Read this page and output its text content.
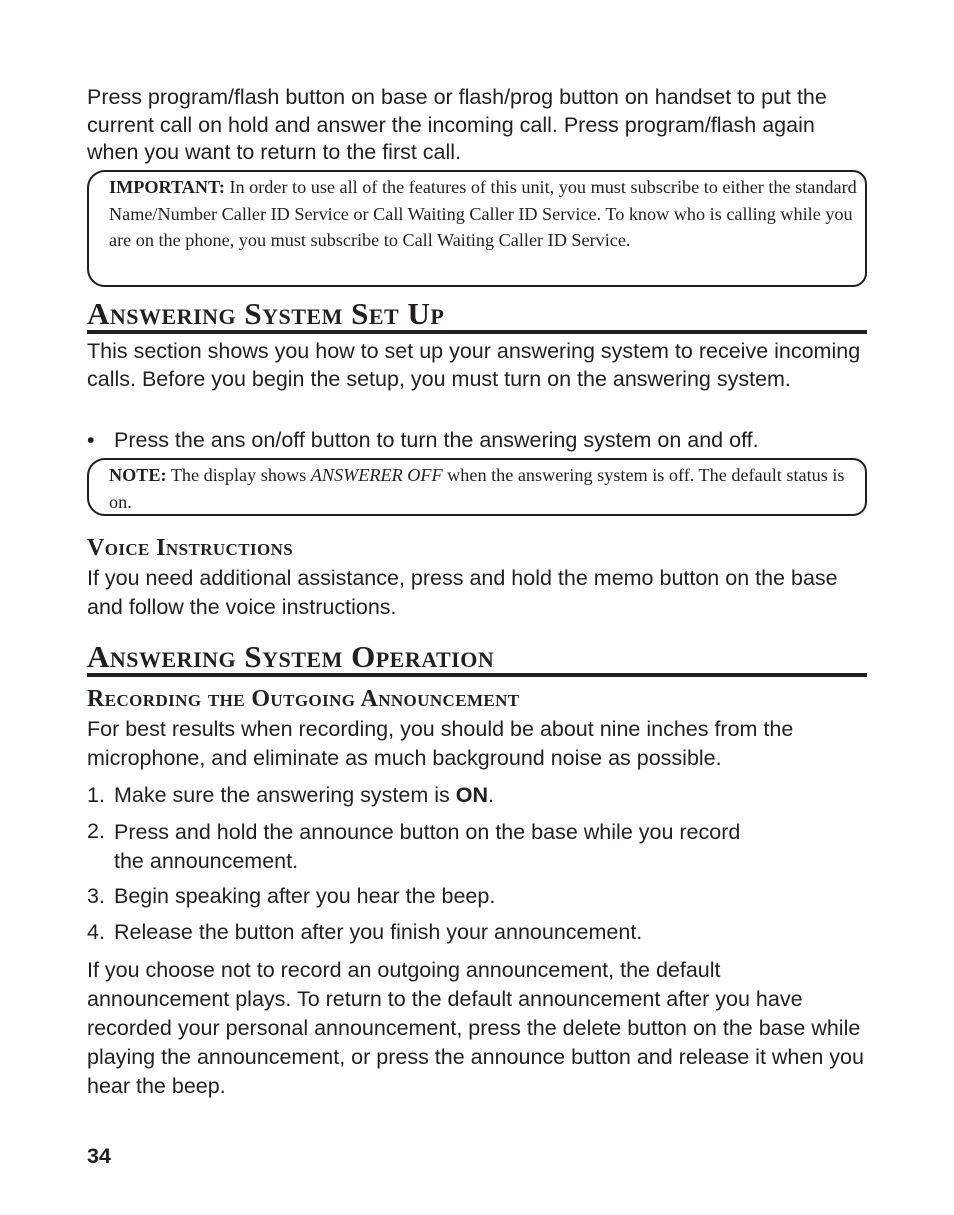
Press program/flash button on base or flash/prog button on handset to put the current call on hold and answer the incoming call. Press program/flash again when you want to return to the first call.

IMPORTANT: In order to use all of the features of this unit, you must subscribe to either the standard Name/Number Caller ID Service or Call Waiting Caller ID Service. To know who is calling while you are on the phone, you must subscribe to Call Waiting Caller ID Service.
Answering System Set Up

This section shows you how to set up your answering system to receive incoming calls. Before you begin the setup, you must turn on the answering system.

• Press the ans on/off button to turn the answering system on and off.
NOTE: The display shows ANSWERER OFF when the answering system is off. The default status is on.
Voice Instructions

If you need additional assistance, press and hold the memo button on the base and follow the voice instructions.

Answering System Operation
Recording the Outgoing Announcement

For best results when recording, you should be about nine inches from the microphone, and eliminate as much background noise as possible.

1. Make sure the answering system is ON.
2. Press and hold the announce button on the base while you record
the announcement.
3. Begin speaking after you hear the beep.
4. Release the button after you finish your announcement.

If you choose not to record an outgoing announcement, the default announcement plays. To return to the default announcement after you have recorded your personal announcement, press the delete button on the base while playing the announcement, or press the announce button and release it when you hear the beep.

34
